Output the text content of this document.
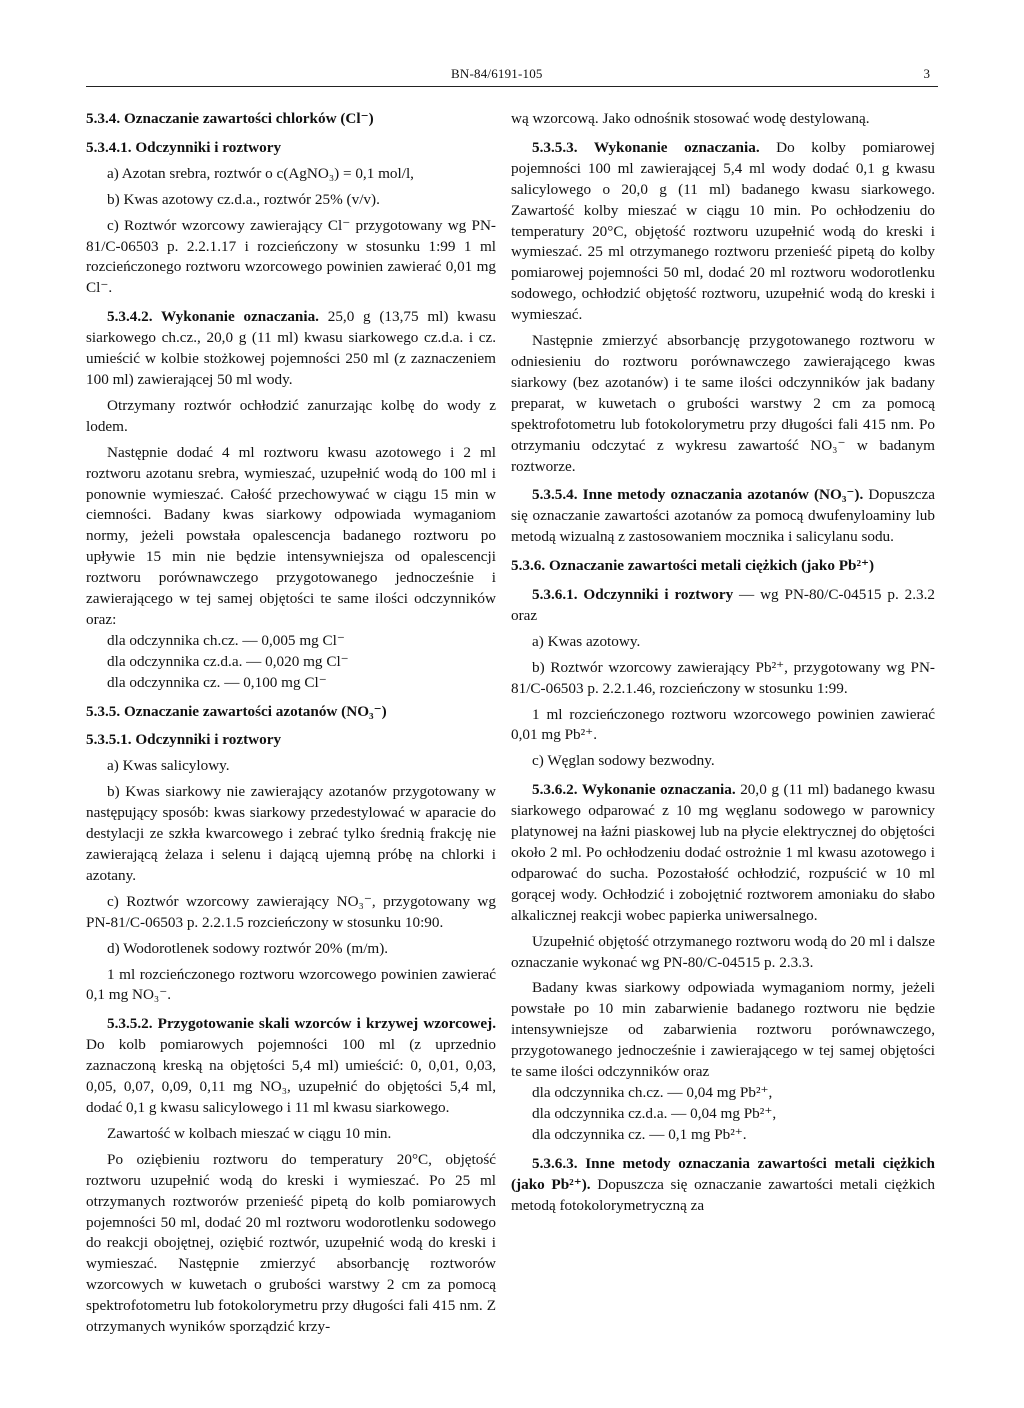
BN-84/6191-105	3

5.3.4. Oznaczanie zawartości chlorków (Cl⁻)

5.3.4.1. Odczynniki i roztwory

a) Azotan srebra, roztwór o c(AgNO₃) = 0,1 mol/l,

b) Kwas azotowy cz.d.a., roztwór 25% (v/v).

c) Roztwór wzorcowy zawierający Cl⁻ przygotowany wg PN-81/C-06503 p. 2.2.1.17 i rozcieńczony w stosunku 1:99 1 ml rozcieńczonego roztworu wzorcowego powinien zawierać 0,01 mg Cl⁻.

5.3.4.2. Wykonanie oznaczania. 25,0 g (13,75 ml) kwasu siarkowego ch.cz., 20,0 g (11 ml) kwasu siarkowego cz.d.a. i cz. umieścić w kolbie stożkowej pojemności 250 ml (z zaznaczeniem 100 ml) zawierającej 50 ml wody.

Otrzymany roztwór ochłodzić zanurzając kolbę do wody z lodem.

Następnie dodać 4 ml roztworu kwasu azotowego i 2 ml roztworu azotanu srebra, wymieszać, uzupełnić wodą do 100 ml i ponownie wymieszać. Całość przechowywać w ciągu 15 min w ciemności. Badany kwas siarkowy odpowiada wymaganiom normy, jeżeli powstała opalescencja badanego roztworu po upływie 15 min nie będzie intensywniejsza od opalescencji roztworu porównawczego przygotowanego jednocześnie i zawierającego w tej samej objętości te same ilości odczynników oraz:

dla odczynnika ch.cz. — 0,005 mg Cl⁻

dla odczynnika cz.d.a. — 0,020 mg Cl⁻

dla odczynnika cz. — 0,100 mg Cl⁻

5.3.5. Oznaczanie zawartości azotanów (NO₃⁻)

5.3.5.1. Odczynniki i roztwory

a) Kwas salicylowy.

b) Kwas siarkowy nie zawierający azotanów przygotowany w następujący sposób: kwas siarkowy przedestylować w aparacie do destylacji ze szkła kwarcowego i zebrać tylko średnią frakcję nie zawierającą żelaza i selenu i dającą ujemną próbę na chlorki i azotany.

c) Roztwór wzorcowy zawierający NO₃⁻, przygotowany wg PN-81/C-06503 p. 2.2.1.5 rozcieńczony w stosunku 10:90.

d) Wodorotlenek sodowy roztwór 20% (m/m).

1 ml rozcieńczonego roztworu wzorcowego powinien zawierać 0,1 mg NO₃⁻.

5.3.5.2. Przygotowanie skali wzorców i krzywej wzorcowej. Do kolb pomiarowych pojemności 100 ml (z uprzednio zaznaczoną kreską na objętości 5,4 ml) umieścić: 0, 0,01, 0,03, 0,05, 0,07, 0,09, 0,11 mg NO₃, uzupełnić do objętości 5,4 ml, dodać 0,1 g kwasu salicylowego i 11 ml kwasu siarkowego.

Zawartość w kolbach mieszać w ciągu 10 min.

Po oziębieniu roztworu do temperatury 20°C, objętość roztworu uzupełnić wodą do kreski i wymieszać. Po 25 ml otrzymanych roztworów przenieść pipetą do kolb pomiarowych pojemności 50 ml, dodać 20 ml roztworu wodorotlenku sodowego do reakcji obojętnej, oziębić roztwór, uzupełnić wodą do kreski i wymieszać. Następnie zmierzyć absorbancję roztworów wzorcowych w kuwetach o grubości warstwy 2 cm za pomocą spektrofotometru lub fotokolorymetru przy długości fali 415 nm. Z otrzymanych wyników sporządzić krzy-

wą wzorcową. Jako odnośnik stosować wodę destylowaną.

5.3.5.3. Wykonanie oznaczania. Do kolby pomiarowej pojemności 100 ml zawierającej 5,4 ml wody dodać 0,1 g kwasu salicylowego o 20,0 g (11 ml) badanego kwasu siarkowego. Zawartość kolby mieszać w ciągu 10 min. Po ochłodzeniu do temperatury 20°C, objętość roztworu uzupełnić wodą do kreski i wymieszać. 25 ml otrzymanego roztworu przenieść pipetą do kolby pomiarowej pojemności 50 ml, dodać 20 ml roztworu wodorotlenku sodowego, ochłodzić objętość roztworu, uzupełnić wodą do kreski i wymieszać.

Następnie zmierzyć absorbancję przygotowanego roztworu w odniesieniu do roztworu porównawczego zawierającego kwas siarkowy (bez azotanów) i te same ilości odczynników jak badany preparat, w kuwetach o grubości warstwy 2 cm za pomocą spektrofotometru lub fotokolorymetru przy długości fali 415 nm. Po otrzymaniu odczytać z wykresu zawartość NO₃⁻ w badanym roztworze.

5.3.5.4. Inne metody oznaczania azotanów (NO₃⁻). Dopuszcza się oznaczanie zawartości azotanów za pomocą dwufenyloaminy lub metodą wizualną z zastosowaniem mocznika i salicylanu sodu.

5.3.6. Oznaczanie zawartości metali ciężkich (jako Pb²⁺)

5.3.6.1. Odczynniki i roztwory — wg PN-80/C-04515 p. 2.3.2 oraz

a) Kwas azotowy.

b) Roztwór wzorcowy zawierający Pb²⁺, przygotowany wg PN-81/C-06503 p. 2.2.1.46, rozcieńczony w stosunku 1:99.

1 ml rozcieńczonego roztworu wzorcowego powinien zawierać 0,01 mg Pb²⁺.

c) Węglan sodowy bezwodny.

5.3.6.2. Wykonanie oznaczania. 20,0 g (11 ml) badanego kwasu siarkowego odparować z 10 mg węglanu sodowego w parownicy platynowej na łaźni piaskowej lub na płycie elektrycznej do objętości około 2 ml. Po ochłodzeniu dodać ostrożnie 1 ml kwasu azotowego i odparować do sucha. Pozostałość ochłodzić, rozpuścić w 10 ml gorącej wody. Ochłodzić i zobojętnić roztworem amoniaku do słabo alkalicznej reakcji wobec papierka uniwersalnego.

Uzupełnić objętość otrzymanego roztworu wodą do 20 ml i dalsze oznaczanie wykonać wg PN-80/C-04515 p. 2.3.3.

Badany kwas siarkowy odpowiada wymaganiom normy, jeżeli powstałe po 10 min zabarwienie badanego roztworu nie będzie intensywniejsze od zabarwienia roztworu porównawczego, przygotowanego jednocześnie i zawierającego w tej samej objętości te same ilości odczynników oraz

dla odczynnika ch.cz. — 0,04 mg Pb²⁺,

dla odczynnika cz.d.a. — 0,04 mg Pb²⁺,

dla odczynnika cz. — 0,1 mg Pb²⁺.

5.3.6.3. Inne metody oznaczania zawartości metali ciężkich (jako Pb²⁺). Dopuszcza się oznaczanie zawartości metali ciężkich metodą fotokolorymetryczną za
